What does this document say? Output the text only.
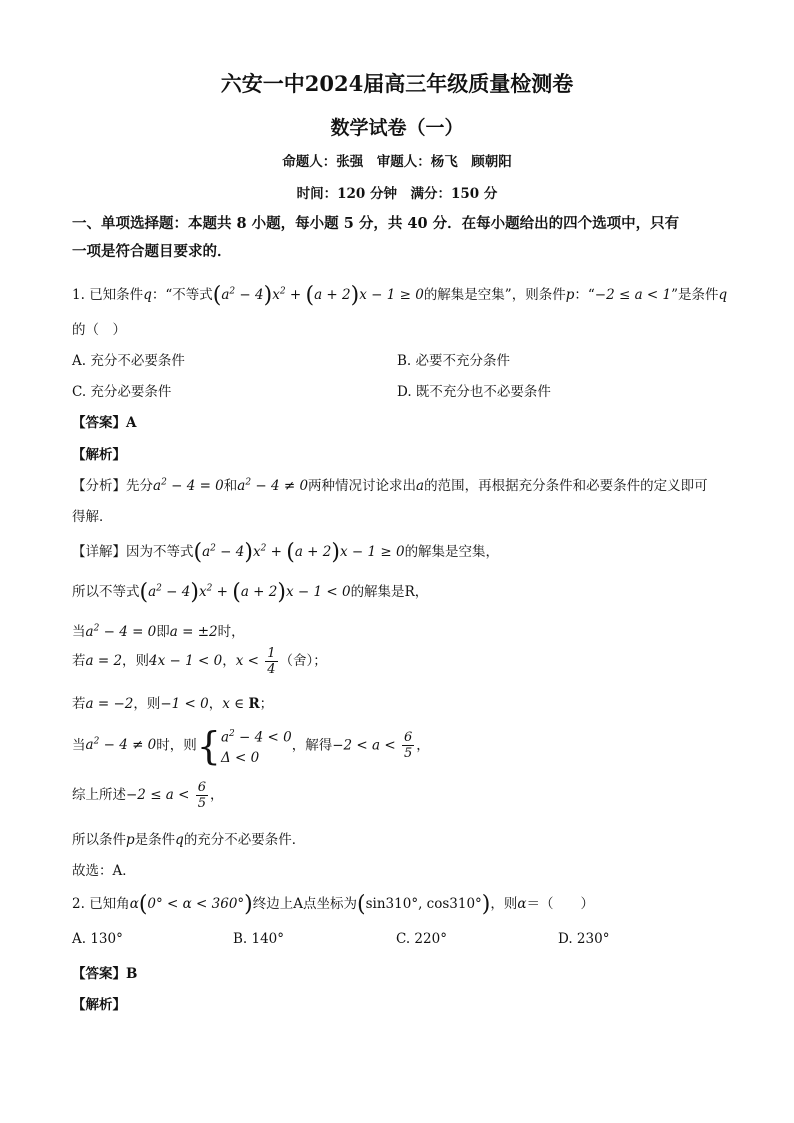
六安一中2024届高三年级质量检测卷
数学试卷（一）
命题人：张强　审题人：杨飞　顾朝阳
时间：120 分钟　满分：150 分
一、单项选择题：本题共 8 小题，每小题 5 分，共 40 分．在每小题给出的四个选项中，只有
一项是符合题目要求的．
1. 已知条件q：“不等式$(a^2 - 4)x^2 + (a + 2)x - 1 \ge 0$的解集是空集”，则条件p：“−2 ≤ a < 1”是条件q
的（　）
A. 充分不必要条件	B. 必要不充分条件
C. 充分必要条件	D. 既不充分也不必要条件
【答案】A
【解析】
【分析】先分$a^2 - 4 = 0$和$a^2 - 4 \ne 0$两种情况讨论求出a的范围，再根据充分条件和必要条件的定义即可
得解．
【详解】因为不等式$(a^2 - 4)x^2 + (a + 2)x - 1 \ge 0$的解集是空集，
所以不等式$(a^2 - 4)x^2 + (a + 2)x - 1 < 0$的解集是R，
当$a^2 - 4 = 0$即a = ±2时，
若a = 2，则4x − 1 < 0，$x < \frac{1}{4}$ （舍）；
若a = −2，则−1 < 0，x ∈ R；
当$a^2 - 4 \ne 0$时，则{ $a^2 - 4 < 0$
Δ < 0
，解得$-2 < a < \frac{6}{5}$ ，
综上所述$-2 \le a < \frac{6}{5}$ ，
所以条件p是条件q的充分不必要条件．
故选：A．
2. 已知角α(0° < α < 360°)终边上A点坐标为(sin310°, cos310°)，则α＝（　　）
A. 130°	B. 140°	C. 220°	D. 230°
【答案】B
【解析】
